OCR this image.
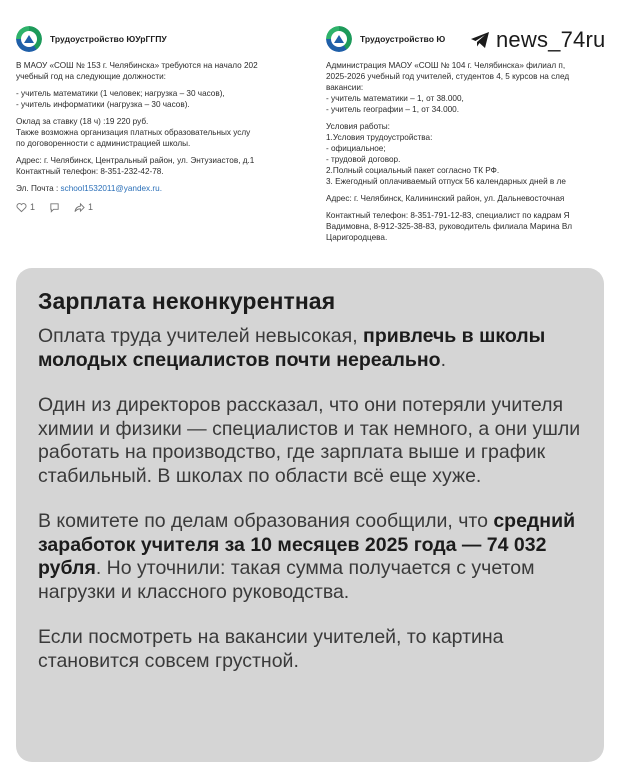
Трудоустройство ЮУрГГПУ

В МАОУ «СОШ № 153 г. Челябинска» требуются на начало 202
учебный год на следующие должности:

- учитель математики (1 человек; нагрузка – 30 часов),
- учитель информатики (нагрузка – 30 часов).

Оклад за ставку (18 ч) :19 220 руб.
Также возможна организация платных образовательных услу
по договоренности с администрацией школы.

Адрес: г. Челябинск, Центральный район, ул. Энтузиастов, д.1
Контактный телефон: 8-351-232-42-78.

Эл. Почта : school1532011@yandex.ru.
1	1
Трудоустройство Ю

Администрация МАОУ «СОШ № 104 г. Челябинска» филиал п,
2025-2026 учебный год учителей, студентов 4, 5 курсов на след
вакансии:
- учитель математики – 1, от 38.000,
- учитель географии – 1, от 34.000.

Условия работы:
1.Условия трудоустройства:
- официальное;
- трудовой договор.
2.Полный социальный пакет согласно ТК РФ.
3. Ежегодный оплачиваемый отпуск 56 календарных дней в ле

Адрес: г. Челябинск, Калининский район, ул. Дальневосточная

Контактный телефон: 8-351-791-12-83, специалист по кадрам Я
Вадимовна, 8-912-325-38-83, руководитель филиала Марина Вл
Царигородцева.

news_74ru
Зарплата неконкурентная

Оплата труда учителей невысокая, привлечь в школы молодых специалистов почти нереально.

Один из директоров рассказал, что они потеряли учителя химии и физики — специалистов и так немного, а они ушли работать на производство, где зарплата выше и график стабильный. В школах по области всё еще хуже.

В комитете по делам образования сообщили, что средний заработок учителя за 10 месяцев 2025 года — 74 032 рубля. Но уточнили: такая сумма получается с учетом нагрузки и классного руководства.

Если посмотреть на вакансии учителей, то картина становится совсем грустной.
